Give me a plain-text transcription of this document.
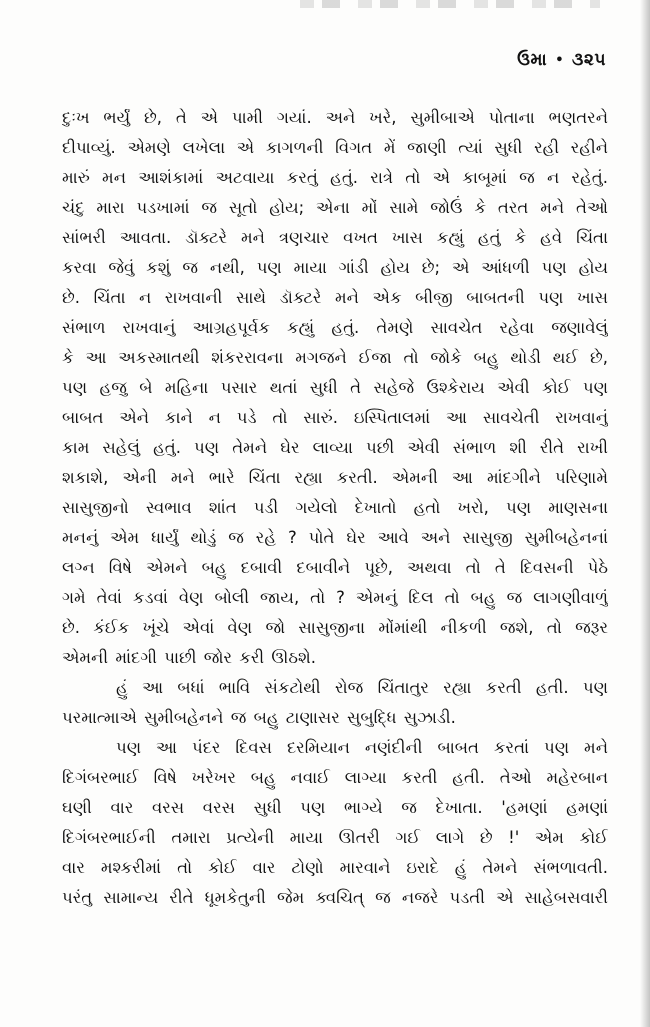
ઉમા • ૩૨૫
દુઃખ ભર્યું છે, તે એ પામી ગયાં. અને ખરે, સુમીબાએ પોતાના ભણતરને
દીપાવ્યું. એમણે લખેલા એ કાગળની વિગત મેં જાણી ત્યાં સુધી રહી રહીને
મારું મન આશંકામાં અટવાયા કરતું હતું. રાત્રે તો એ કાબૂમાં જ ન રહેતું.
ચંદુ મારા પડખામાં જ સૂતો હોય; એના મોં સામે જોઉં કે તરત મને તેઓ
સાંભરી આવતા. ડૉક્ટરે મને ત્રણચાર વખત ખાસ કહ્યું હતું કે હવે ચિંતા
કરવા જેવું કશું જ નથી, પણ માયા ગાંડી હોય છે; એ આંધળી પણ હોય
છે. ચિંતા ન રાખવાની સાથે ડૉક્ટરે મને એક બીજી બાબતની પણ ખાસ
સંભાળ રાખવાનું આગ્રહપૂર્વક કહ્યું હતું. તેમણે સાવચેત રહેવા જણાવેલું
કે આ અકસ્માતથી શંકરરાવના મગજને ઈજા તો જોકે બહુ થોડી થઈ છે,
પણ હજુ બે મહિના પસાર થતાં સુધી તે સહેજે ઉશ્કેરાય એવી કોઈ પણ
બાબત એને કાને ન પડે તો સારું. ઇસ્પિતાલમાં આ સાવચેતી રાખવાનું
કામ સહેલું હતું. પણ તેમને ઘેર લાવ્યા પછી એવી સંભાળ શી રીતે રાખી
શકાશે, એની મને ભારે ચિંતા રહ્યા કરતી. એમની આ માંદગીને પરિણામે
સાસુજીનો સ્વભાવ શાંત પડી ગયેલો દેખાતો હતો ખરો, પણ માણસના
મનનું એમ ધાર્યું થોડું જ રહે ? પોતે ઘેર આવે અને સાસુજી સુમીબહેનનાં
લગ્ન વિષે એમને બહુ દબાવી દબાવીને પૂછે, અથવા તો તે દિવસની પેઠે
ગમે તેવાં કડવાં વેણ બોલી જાય, તો ? એમનું દિલ તો બહુ જ લાગણીવાળું
છે. કંઈક ખૂંચે એવાં વેણ જો સાસુજીના મોંમાંથી નીકળી જશે, તો જરૂર
એમની માંદગી પાછી જોર કરી ઊઠશે.
હું આ બધાં ભાવિ સંકટોથી રોજ ચિંતાતુર રહ્યા કરતી હતી. પણ
પરમાત્માએ સુમીબહેનને જ બહુ ટાણાસર સુબુદ્ધિ સુઝાડી.
પણ આ પંદર દિવસ દરમિયાન નણંદીની બાબત કરતાં પણ મને
દિગંબરભાઈ વિષે ખરેખર બહુ નવાઈ લાગ્યા કરતી હતી. તેઓ મહેરબાન
ઘણી વાર વરસ વરસ સુધી પણ ભાગ્યે જ દેખાતા. 'હમણાં હમણાં
દિગંબરભાઈની તમારા પ્રત્યેની માયા ઊતરી ગઈ લાગે છે !' એમ કોઈ
વાર મશ્કરીમાં તો કોઈ વાર ટોણો મારવાને ઇરાદે હું તેમને સંભળાવતી.
પરંતુ સામાન્ય રીતે ધૂમકેતુની જેમ ક્વચિત્ જ નજરે પડતી એ સાહેબસવારી
